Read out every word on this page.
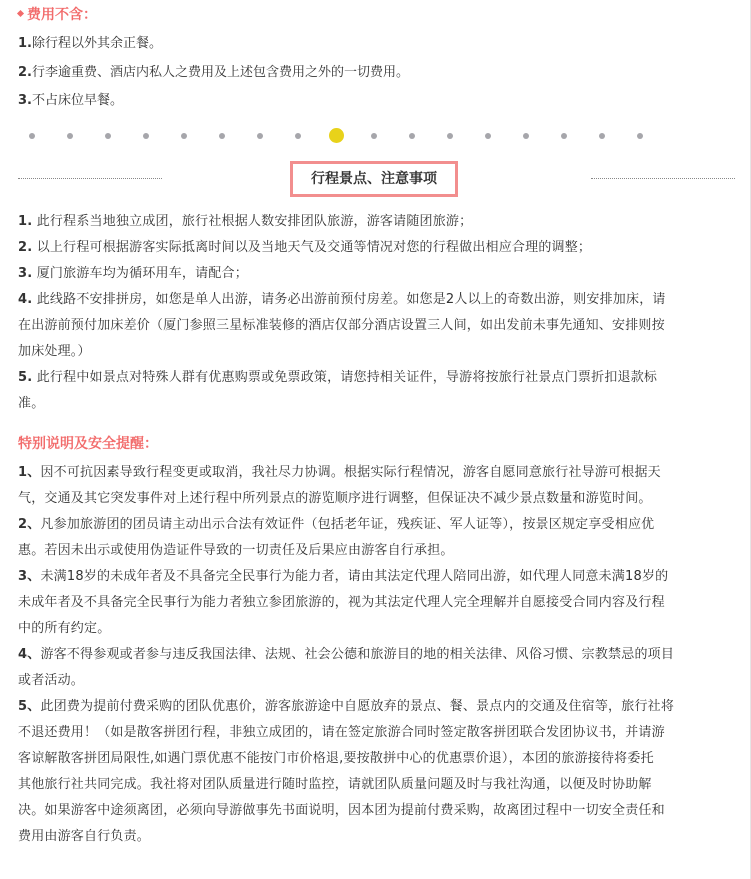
费用不含：
1.除行程以外其余正餐。
2.行李逾重费、酒店内私人之费用及上述包含费用之外的一切费用。
3.不占床位早餐。
行程景点、注意事项
1. 此行程系当地独立成团，旅行社根据人数安排团队旅游，游客请随团旅游；
2. 以上行程可根据游客实际抵离时间以及当地天气及交通等情况对您的行程做出相应合理的调整；
3. 厦门旅游车均为循环用车，请配合；
4. 此线路不安排拼房，如您是单人出游，请务必出游前预付房差。如您是2人以上的奇数出游，则安排加床，请
在出游前预付加床差价（厦门参照三星标准装修的酒店仅部分酒店设置三人间，如出发前未事先通知、安排则按
加床处理。）
5. 此行程中如景点对特殊人群有优惠购票或免票政策，请您持相关证件，导游将按旅行社景点门票折扣退款标
准。
特别说明及安全提醒：
1、因不可抗因素导致行程变更或取消，我社尽力协调。根据实际行程情况，游客自愿同意旅行社导游可根据天
气，交通及其它突发事件对上述行程中所列景点的游览顺序进行调整，但保证决不减少景点数量和游览时间。
2、凡参加旅游团的团员请主动出示合法有效证件（包括老年证，残疾证、军人证等），按景区规定享受相应优
惠。若因未出示或使用伪造证件导致的一切责任及后果应由游客自行承担。
3、未满18岁的未成年者及不具备完全民事行为能力者，请由其法定代理人陪同出游，如代理人同意未满18岁的
未成年者及不具备完全民事行为能力者独立参团旅游的，视为其法定代理人完全理解并自愿接受合同内容及行程
中的所有约定。
4、游客不得参观或者参与违反我国法律、法规、社会公德和旅游目的地的相关法律、风俗习惯、宗教禁忌的项目
或者活动。
5、此团费为提前付费采购的团队优惠价，游客旅游途中自愿放弃的景点、餐、景点内的交通及住宿等，旅行社将
不退还费用！（如是散客拼团行程，非独立成团的，请在签定旅游合同时签定散客拼团联合发团协议书，并请游
客谅解散客拼团局限性,如遇门票优惠不能按门市价格退,要按散拼中心的优惠票价退），本团的旅游接待将委托
其他旅行社共同完成。我社将对团队质量进行随时监控，请就团队质量问题及时与我社沟通，以便及时协助解
决。如果游客中途须离团，必须向导游做事先书面说明，因本团为提前付费采购，故离团过程中一切安全责任和
费用由游客自行负责。
